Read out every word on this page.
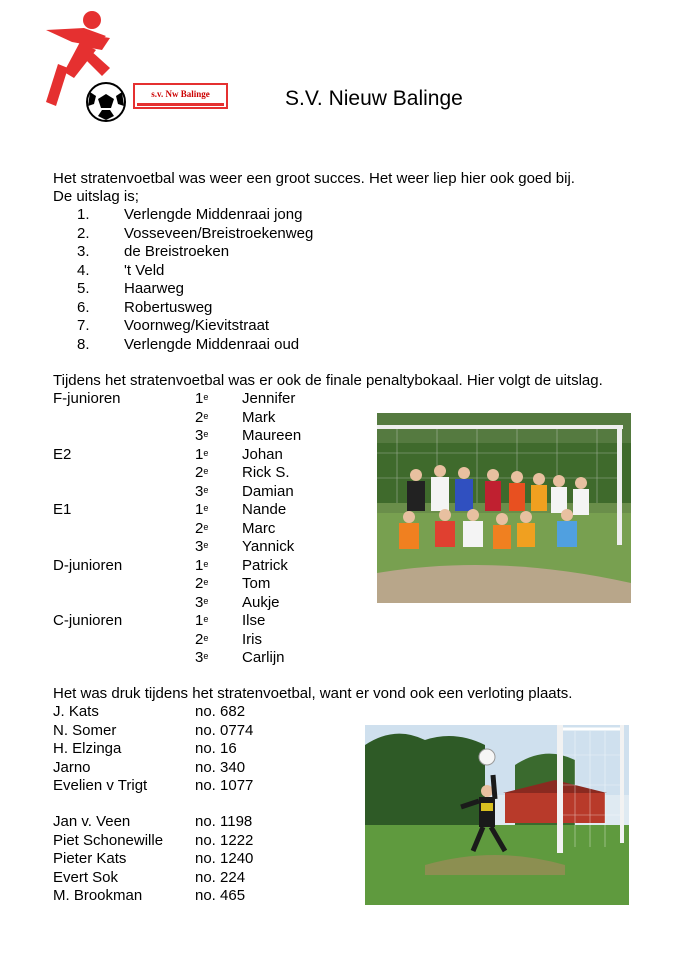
s.v. Nw Balinge	S.V. Nieuw Balinge
Het stratenvoetbal was weer een groot succes. Het weer liep hier ook goed bij.
De uitslag is;
1. Verlengde Middenraai jong
2. Vosseveen/Breistroekenweg
3. de Breistroeken
4. 't Veld
5. Haarweg
6. Robertusweg
7. Voornweg/Kievitstraat
8. Verlengde Middenraai oud
Tijdens het stratenvoetbal was er ook de finale penaltybokaal. Hier volgt de uitslag.
F-junioren	1e Jennifer
2e Mark
3e Maureen
E2	1e Johan
2e Rick S.
3e Damian
E1	1e Nande
2e Marc
3e Yannick
D-junioren	1e Patrick
2e Tom
3e Aukje
C-junioren	1e Ilse
2e Iris
3e Carlijn
Het was druk tijdens het stratenvoetbal, want er vond ook een verloting plaats.
J. Kats	no. 682
N. Somer	no. 0774
H. Elzinga	no. 16
Jarno	no. 340
Evelien v Trigt	no. 1077
Jan v. Veen	no. 1198
Piet Schonewille no. 1222
Pieter Kats	no. 1240
Evert Sok	no. 224
M. Brookman	no. 465
